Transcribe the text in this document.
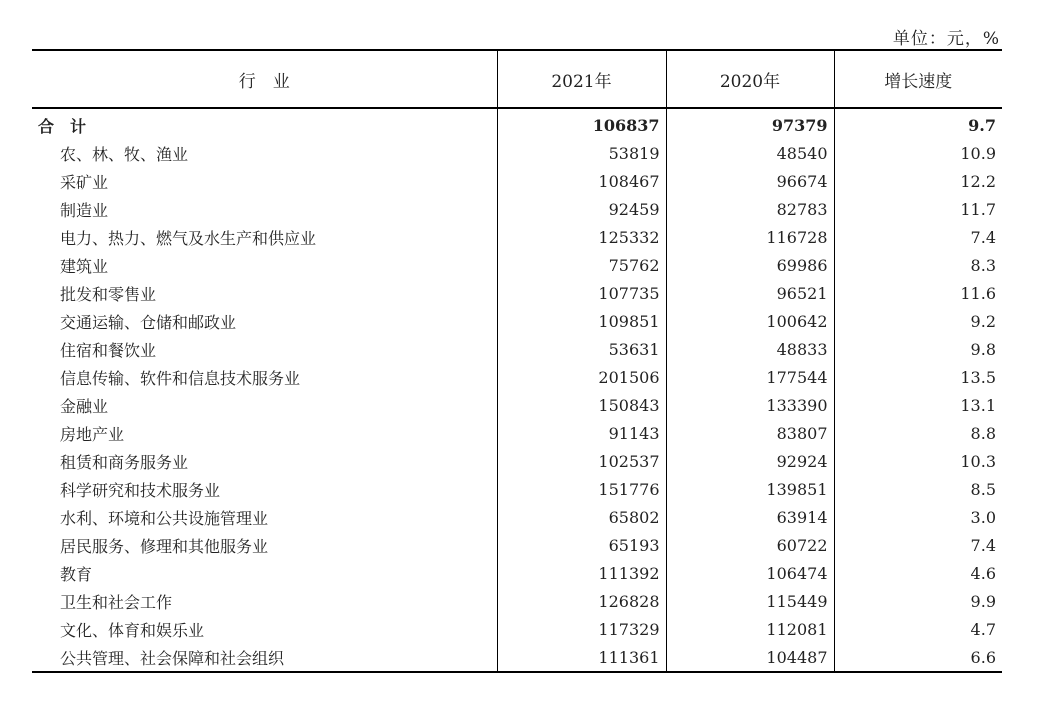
单位：元，%
行　业	2021年	2020年	增长速度
合　计	106837	97379	9.7
农、林、牧、渔业	53819	48540	10.9
采矿业	108467	96674	12.2
制造业	92459	82783	11.7
电力、热力、燃气及水生产和供应业	125332	116728	7.4
建筑业	75762	69986	8.3
批发和零售业	107735	96521	11.6
交通运输、仓储和邮政业	109851	100642	9.2
住宿和餐饮业	53631	48833	9.8
信息传输、软件和信息技术服务业	201506	177544	13.5
金融业	150843	133390	13.1
房地产业	91143	83807	8.8
租赁和商务服务业	102537	92924	10.3
科学研究和技术服务业	151776	139851	8.5
水利、环境和公共设施管理业	65802	63914	3.0
居民服务、修理和其他服务业	65193	60722	7.4
教育	111392	106474	4.6
卫生和社会工作	126828	115449	9.9
文化、体育和娱乐业	117329	112081	4.7
公共管理、社会保障和社会组织	111361	104487	6.6
